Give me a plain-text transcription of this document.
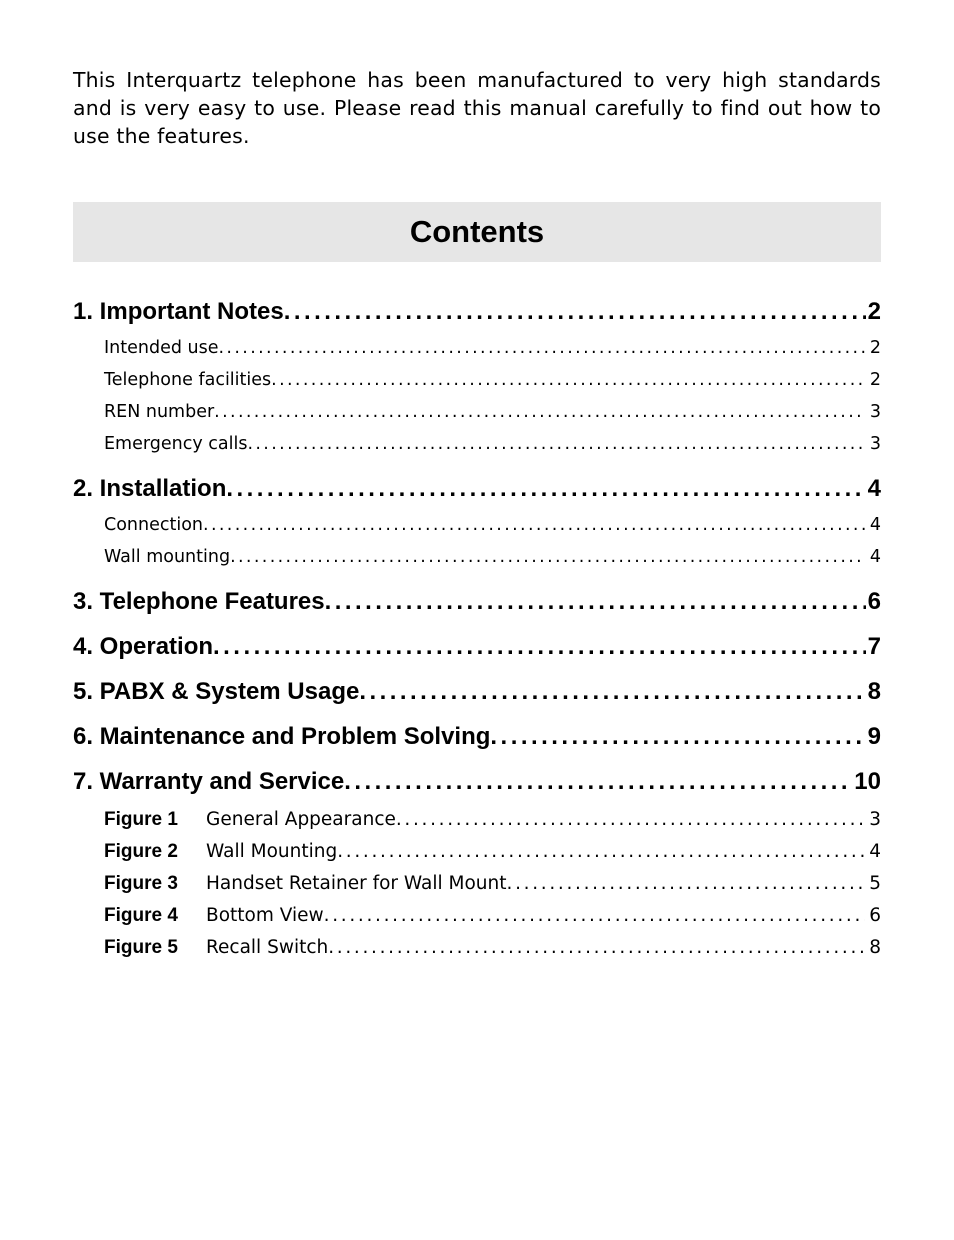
This Interquartz telephone has been manufactured to very high standards and is very easy to use. Please read this manual carefully to find out how to use the features.

Contents
1. Important Notes . . .	2
Intended use . . .	2
Telephone facilities . . .	2
REN number . . .	3
Emergency calls . . .	3
2. Installation . . .	4
Connection . . .	4
Wall mounting . . .	4
3. Telephone Features . . .	6
4. Operation . . .	7
5. PABX & System Usage . . .	8
6. Maintenance and Problem Solving . . .	9
7. Warranty and Service . . .	10
Figure 1	General Appearance . . .	3
Figure 2	Wall Mounting . . .	4
Figure 3	Handset Retainer for Wall Mount . . .	5
Figure 4	Bottom View . . .	6
Figure 5	Recall Switch . . .	8
